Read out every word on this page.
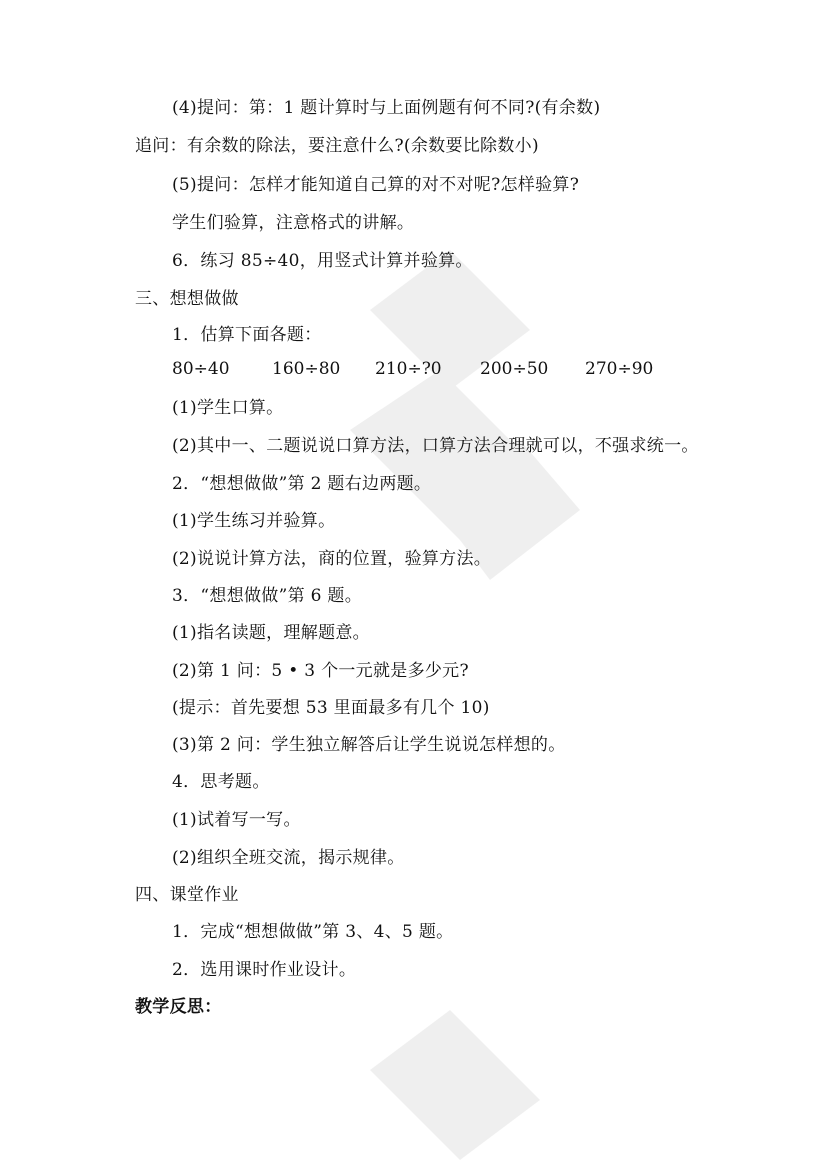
(4)提问：第：1 题计算时与上面例题有何不同?(有余数)
追问：有余数的除法，要注意什么?(余数要比除数小)
(5)提问：怎样才能知道自己算的对不对呢?怎样验算?
学生们验算，注意格式的讲解。
6．练习 85÷40，用竖式计算并验算。
三、想想做做
1．估算下面各题：
80÷40 160÷80 210÷?0 200÷50 270÷90
(1)学生口算。
(2)其中一、二题说说口算方法，口算方法合理就可以，不强求统一。
2．“想想做做”第 2 题右边两题。
(1)学生练习并验算。
(2)说说计算方法，商的位置，验算方法。
3．“想想做做”第 6 题。
(1)指名读题，理解题意。
(2)第 1 问：5 • 3 个一元就是多少元?
(提示：首先要想 53 里面最多有几个 10)
(3)第 2 问：学生独立解答后让学生说说怎样想的。
4．思考题。
(1)试着写一写。
(2)组织全班交流，揭示规律。
四、课堂作业
1．完成“想想做做”第 3、4、5 题。
2．选用课时作业设计。
教学反思：
